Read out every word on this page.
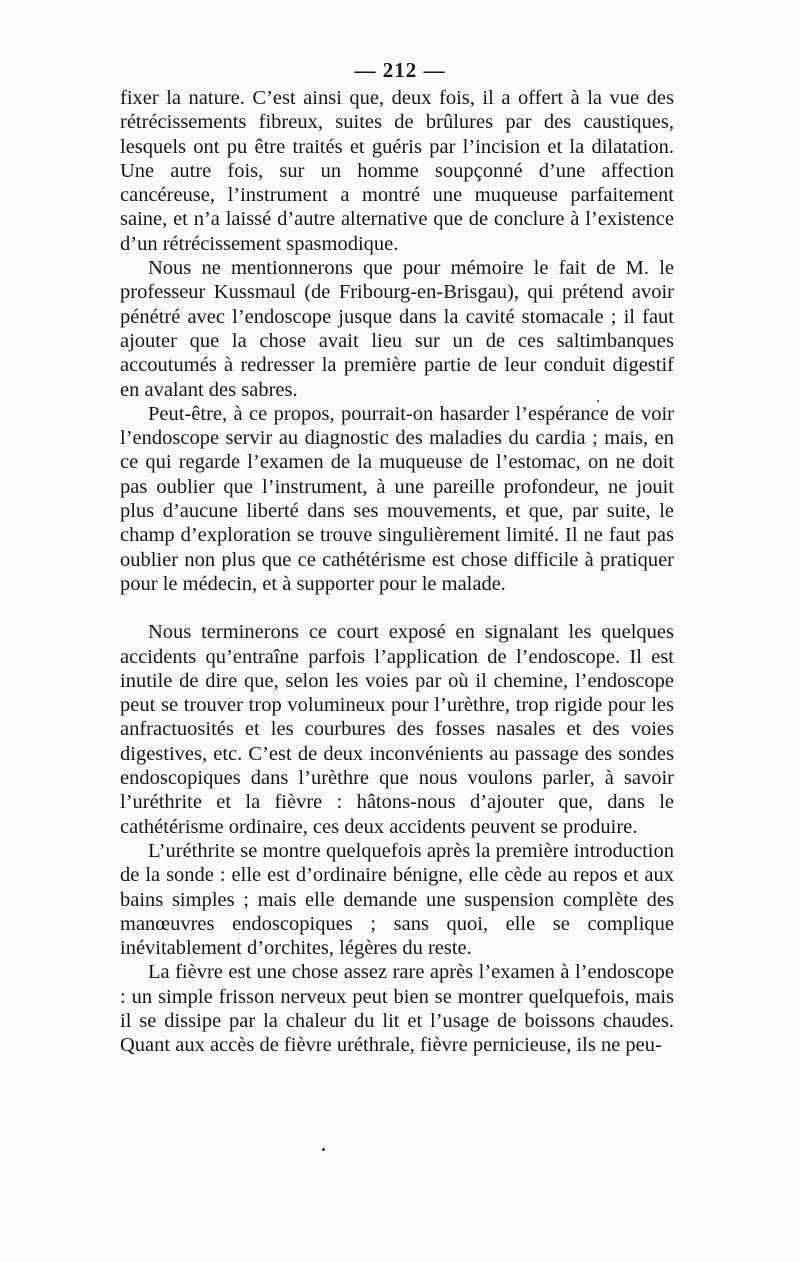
— 212 —

fixer la nature. C’est ainsi que, deux fois, il a offert à la vue des rétrécissements fibreux, suites de brûlures par des caustiques, lesquels ont pu être traités et guéris par l’incision et la dilatation. Une autre fois, sur un homme soupçonné d’une affection cancéreuse, l’instrument a montré une muqueuse parfaitement saine, et n’a laissé d’autre alternative que de conclure à l’existence d’un rétrécissement spasmodique.

Nous ne mentionnerons que pour mémoire le fait de M. le professeur Kussmaul (de Fribourg-en-Brisgau), qui prétend avoir pénétré avec l’endoscope jusque dans la cavité stomacale ; il faut ajouter que la chose avait lieu sur un de ces saltimbanques accoutumés à redresser la première partie de leur conduit digestif en avalant des sabres.

Peut-être, à ce propos, pourrait-on hasarder l’espérance de voir l’endoscope servir au diagnostic des maladies du cardia ; mais, en ce qui regarde l’examen de la muqueuse de l’estomac, on ne doit pas oublier que l’instrument, à une pareille profondeur, ne jouit plus d’aucune liberté dans ses mouvements, et que, par suite, le champ d’exploration se trouve singulièrement limité. Il ne faut pas oublier non plus que ce cathétérisme est chose difficile à pratiquer pour le médecin, et à supporter pour le malade.

Nous terminerons ce court exposé en signalant les quelques accidents qu’entraîne parfois l’application de l’endoscope. Il est inutile de dire que, selon les voies par où il chemine, l’endoscope peut se trouver trop volumineux pour l’urèthre, trop rigide pour les anfractuosités et les courbures des fosses nasales et des voies digestives, etc. C’est de deux inconvénients au passage des sondes endoscopiques dans l’urèthre que nous voulons parler, à savoir l’uréthrite et la fièvre : hâtons-nous d’ajouter que, dans le cathétérisme ordinaire, ces deux accidents peuvent se produire.

L’uréthrite se montre quelquefois après la première introduction de la sonde : elle est d’ordinaire bénigne, elle cède au repos et aux bains simples ; mais elle demande une suspension complète des manœuvres endoscopiques ; sans quoi, elle se complique inévitablement d’orchites, légères du reste.

La fièvre est une chose assez rare après l’examen à l’endoscope : un simple frisson nerveux peut bien se montrer quelquefois, mais il se dissipe par la chaleur du lit et l’usage de boissons chaudes. Quant aux accès de fièvre uréthrale, fièvre pernicieuse, ils ne peu-
